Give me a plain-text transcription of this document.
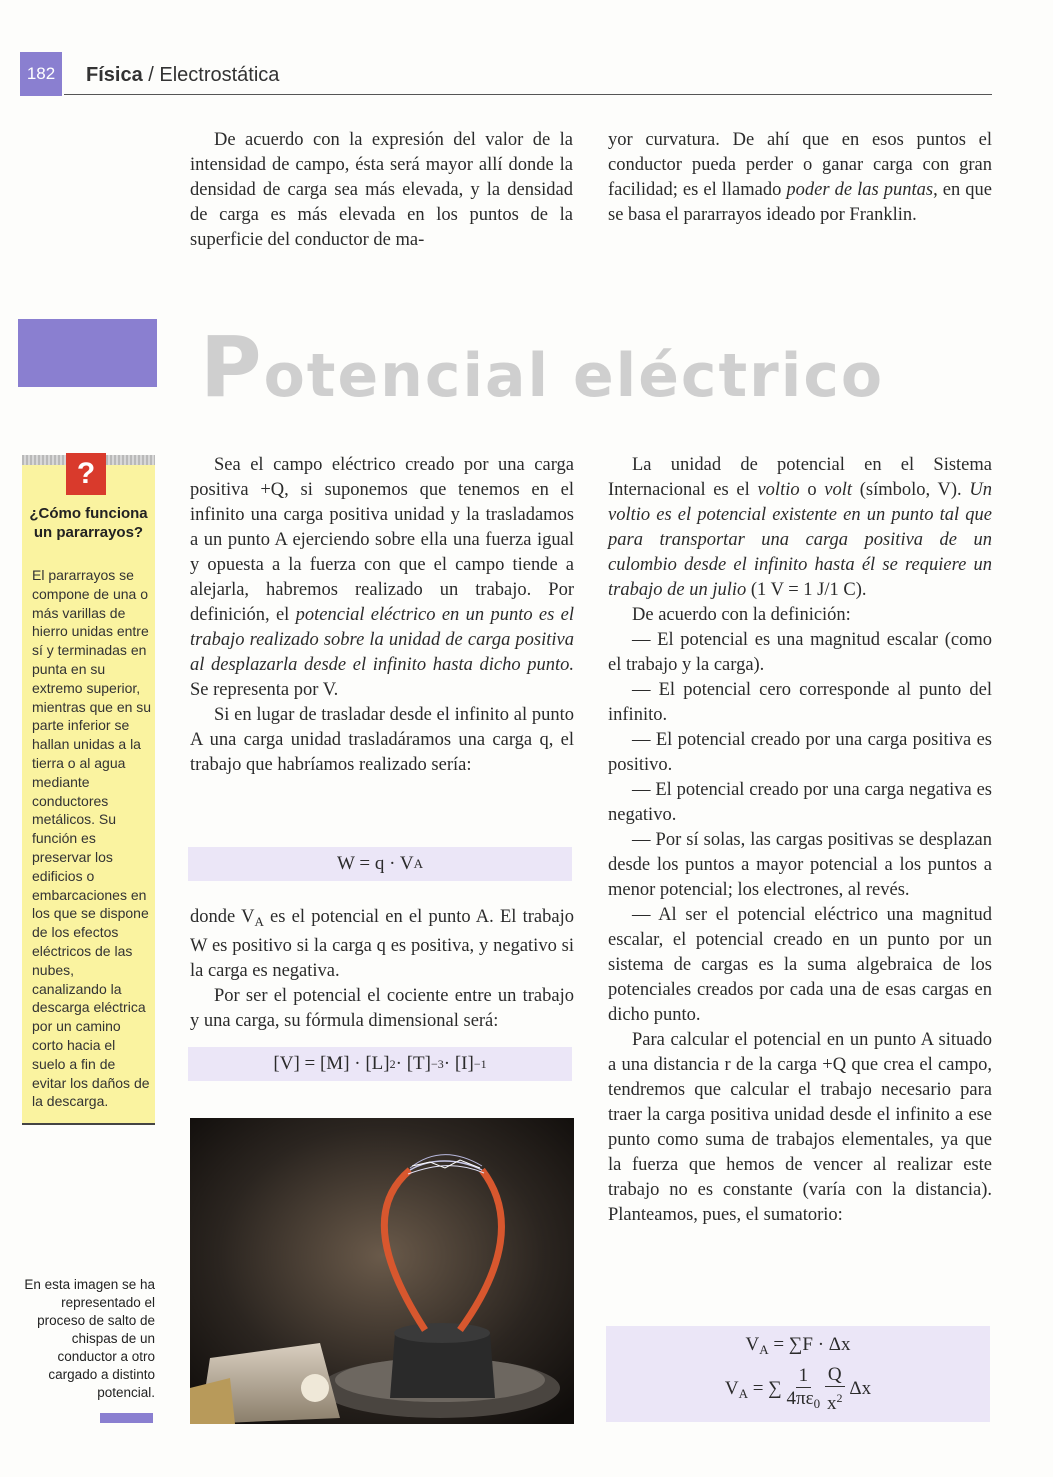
182 Física / Electrostática

De acuerdo con la expresión del valor de la intensidad de campo, ésta será mayor allí donde la densidad de carga sea más elevada, y la densidad de carga es más elevada en los puntos de la superficie del conductor de ma-

yor curvatura. De ahí que en esos puntos el conductor pueda perder o ganar carga con gran facilidad; es el llamado poder de las puntas, en que se basa el pararrayos ideado por Franklin.

Potencial eléctrico
?
¿Cómo funciona un pararrayos?
El pararrayos se compone de una o más varillas de hierro unidas entre sí y terminadas en punta en su extremo superior, mientras que en su parte inferior se hallan unidas a la tierra o al agua mediante conductores metálicos. Su función es preservar los edificios o embarcaciones en los que se dispone de los efectos eléctricos de las nubes, canalizando la descarga eléctrica por un camino corto hacia el suelo a fin de evitar los daños de la descarga.
En esta imagen se ha representado el proceso de salto de chispas de un conductor a otro cargado a distinto potencial.

Sea el campo eléctrico creado por una carga positiva +Q, si suponemos que tenemos en el infinito una carga positiva unidad y la trasladamos a un punto A ejerciendo sobre ella una fuerza igual y opuesta a la fuerza con que el campo tiende a alejarla, habremos realizado un trabajo. Por definición, el potencial eléctrico en un punto es el trabajo realizado sobre la unidad de carga positiva al desplazarla desde el infinito hasta dicho punto. Se representa por V.

Si en lugar de trasladar desde el infinito al punto A una carga unidad trasladáramos una carga q, el trabajo que habríamos realizado sería:

W = q · V A

donde $V_A$ es el potencial en el punto A. El trabajo W es positivo si la carga q es positiva, y negativo si la carga es negativa.

Por ser el potencial el cociente entre un trabajo y una carga, su fórmula dimensional será:

[V] = [M] · [L] 2 · [T] −3 · [I] −1

La unidad de potencial en el Sistema Internacional es el voltio o volt (símbolo, V). Un voltio es el potencial existente en un punto tal que para transportar una carga positiva de un culombio desde el infinito hasta él se requiere un trabajo de un julio (1 V = 1 J/1 C).

De acuerdo con la definición:

— El potencial es una magnitud escalar (como el trabajo y la carga).

— El potencial cero corresponde al punto del infinito.

— El potencial creado por una carga positiva es positivo.

— El potencial creado por una carga negativa es negativo.

— Por sí solas, las cargas positivas se desplazan desde los puntos a mayor potencial a los puntos a menor potencial; los electrones, al revés.

— Al ser el potencial eléctrico una magnitud escalar, el potencial creado en un punto por un sistema de cargas es la suma algebraica de los potenciales creados por cada una de esas cargas en dicho punto.

Para calcular el potencial en un punto A situado a una distancia r de la carga +Q que crea el campo, tendremos que calcular el trabajo necesario para traer la carga positiva unidad desde el infinito a ese punto como suma de trabajos elementales, ya que la fuerza que hemos de vencer al realizar este trabajo no es constante (varía con la distancia). Planteamos, pues, el sumatorio:

$V_A = \sum F \cdot \Delta x$
$V_A$ = ∑ $\frac{1}{4\pi\varepsilon_0}$
$\frac{Q}{x^2}$ Δx
